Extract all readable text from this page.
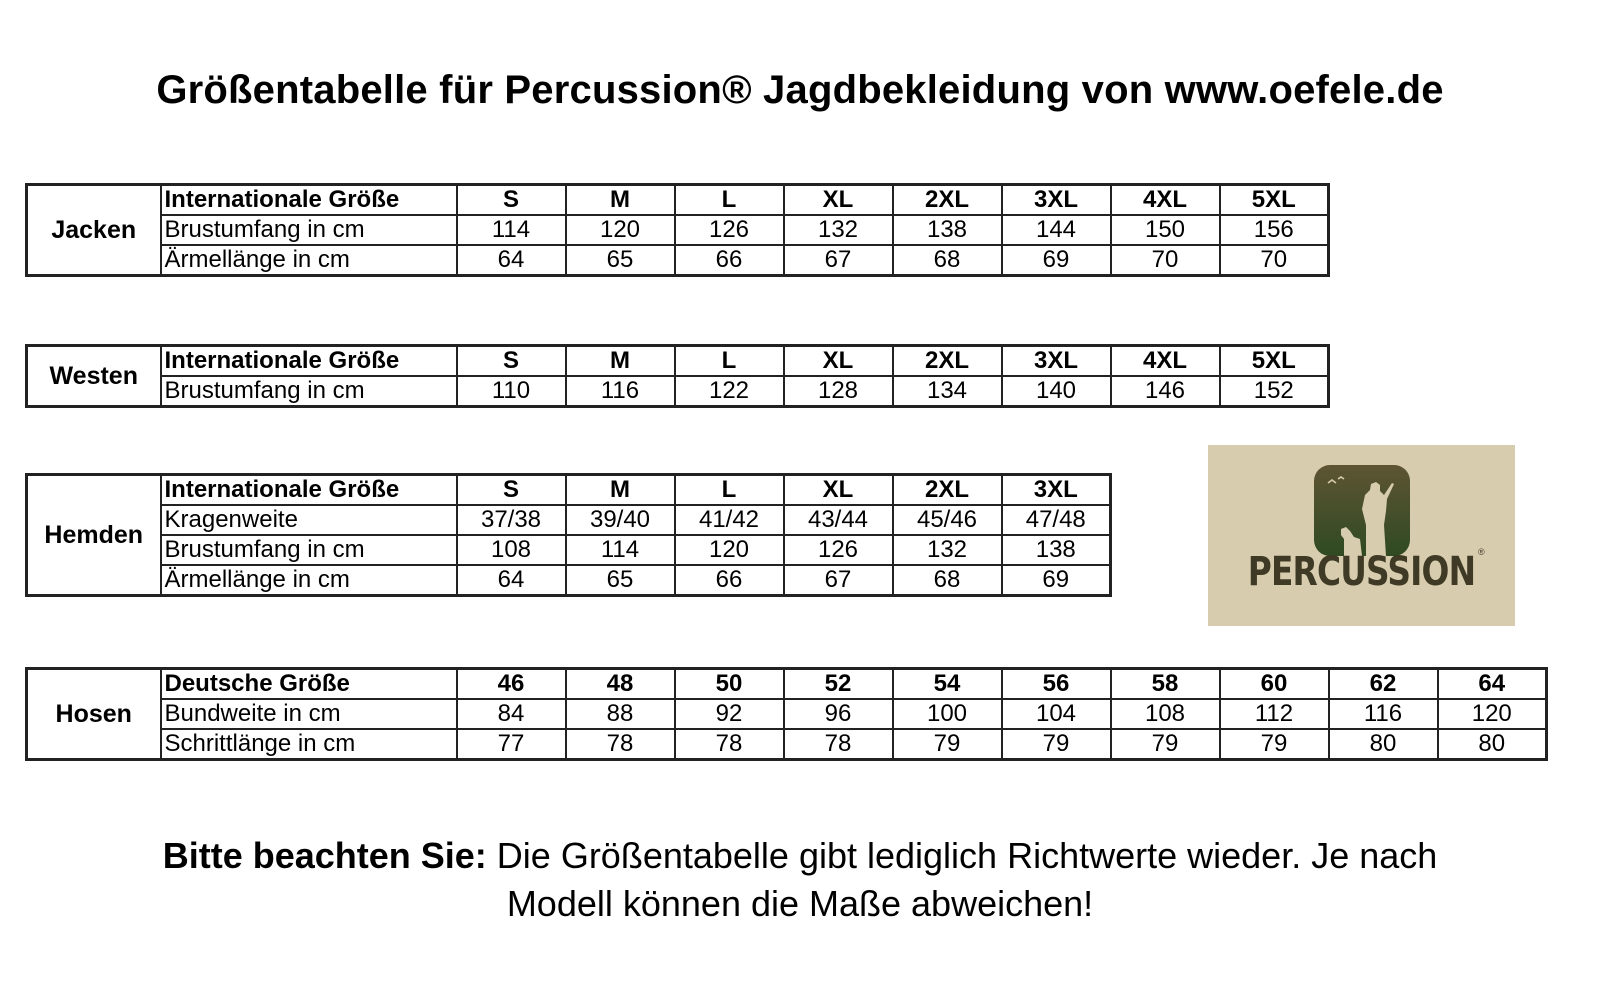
Größentabelle für Percussion® Jagdbekleidung von www.oefele.de
Jacken	Internationale Größe	S	M	L	XL	2XL	3XL	4XL	5XL
	Brustumfang in cm	114	120	126	132	138	144	150	156
	Ärmellänge in cm	64	65	66	67	68	69	70	70
Westen	Internationale Größe	S	M	L	XL	2XL	3XL	4XL	5XL
	Brustumfang in cm	110	116	122	128	134	140	146	152
Hemden	Internationale Größe	S	M	L	XL	2XL	3XL
	Kragenweite	37/38	39/40	41/42	43/44	45/46	47/48
	Brustumfang in cm	108	114	120	126	132	138
	Ärmellänge in cm	64	65	66	67	68	69
Hosen	Deutsche Größe	46	48	50	52	54	56	58	60	62	64
	Bundweite in cm	84	88	92	96	100	104	108	112	116	120
	Schrittlänge in cm	77	78	78	78	79	79	79	79	80	80
PERCUSSION ®

Bitte beachten Sie: Die Größentabelle gibt lediglich Richtwerte wieder. Je nach
Modell können die Maße abweichen!
